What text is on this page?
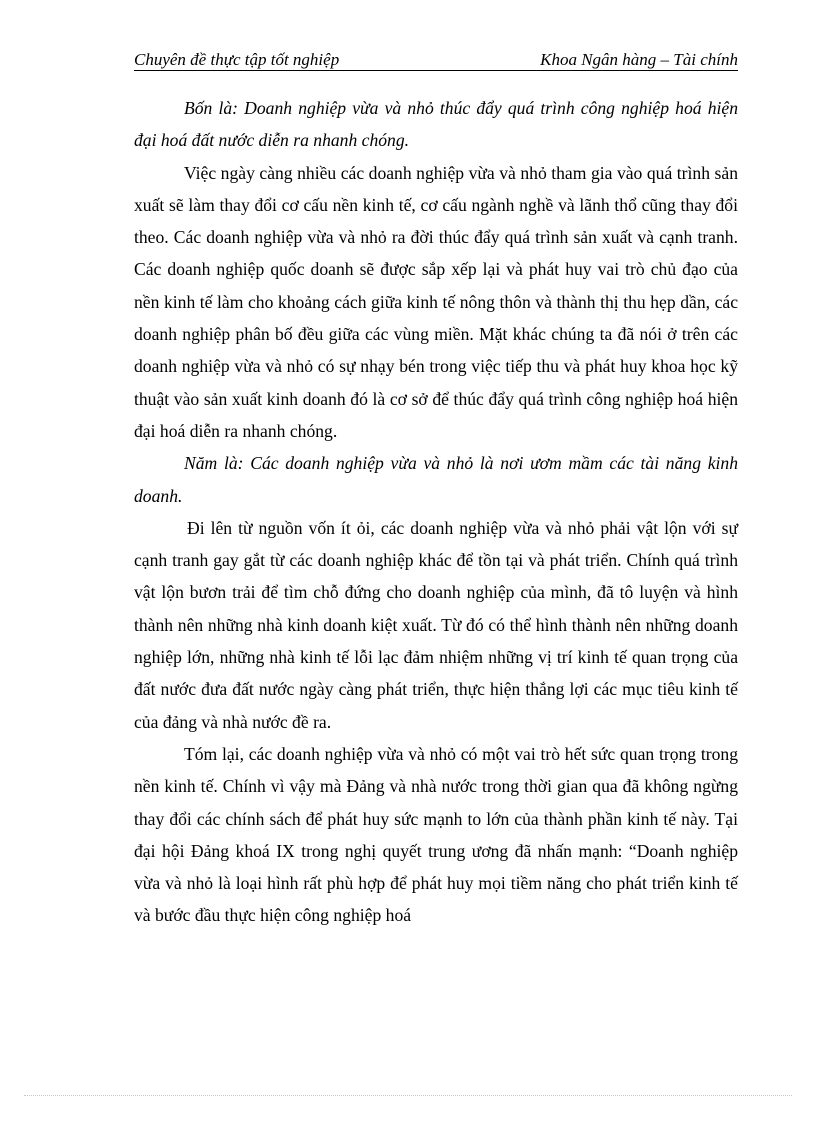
Chuyên đề thực tập tốt nghiệp	Khoa Ngân hàng – Tài chính

Bốn là: Doanh nghiệp vừa và nhỏ thúc đẩy quá trình công nghiệp hoá hiện đại hoá đất nước diễn ra nhanh chóng.

Việc ngày càng nhiều các doanh nghiệp vừa và nhỏ tham gia vào quá trình sản xuất sẽ làm thay đổi cơ cấu nền kinh tế, cơ cấu ngành nghề và lãnh thổ cũng thay đổi theo. Các doanh nghiệp vừa và nhỏ ra đời thúc đẩy quá trình sản xuất và cạnh tranh. Các doanh nghiệp quốc doanh sẽ được sắp xếp lại và phát huy vai trò chủ đạo của nền kinh tế làm cho khoảng cách giữa kinh tế nông thôn và thành thị thu hẹp dần, các doanh nghiệp phân bố đều giữa các vùng miền. Mặt khác chúng ta đã nói ở trên các doanh nghiệp vừa và nhỏ có sự nhạy bén trong việc tiếp thu và phát huy khoa học kỹ thuật vào sản xuất kinh doanh đó là cơ sở để thúc đẩy quá trình công nghiệp hoá hiện đại hoá diễn ra nhanh chóng.

Năm là: Các doanh nghiệp vừa và nhỏ là nơi ươm mầm các tài năng kinh doanh.

Đi lên từ nguồn vốn ít ỏi, các doanh nghiệp vừa và nhỏ phải vật lộn với sự cạnh tranh gay gắt từ các doanh nghiệp khác để tồn tại và phát triển. Chính quá trình vật lộn bươn trải để tìm chỗ đứng cho doanh nghiệp của mình, đã tô luyện và hình thành nên những nhà kinh doanh kiệt xuất. Từ đó có thể hình thành nên những doanh nghiệp lớn, những nhà kinh tế lỗi lạc đảm nhiệm những vị trí kinh tế quan trọng của đất nước đưa đất nước ngày càng phát triển, thực hiện thắng lợi các mục tiêu kinh tế của đảng và nhà nước đề ra.

Tóm lại, các doanh nghiệp vừa và nhỏ có một vai trò hết sức quan trọng trong nền kinh tế. Chính vì vậy mà Đảng và nhà nước trong thời gian qua đã không ngừng thay đổi các chính sách để phát huy sức mạnh to lớn của thành phần kinh tế này. Tại đại hội Đảng khoá IX trong nghị quyết trung ương đã nhấn mạnh: “Doanh nghiệp vừa và nhỏ là loại hình rất phù hợp để phát huy mọi tiềm năng cho phát triển kinh tế và bước đầu thực hiện công nghiệp hoá
